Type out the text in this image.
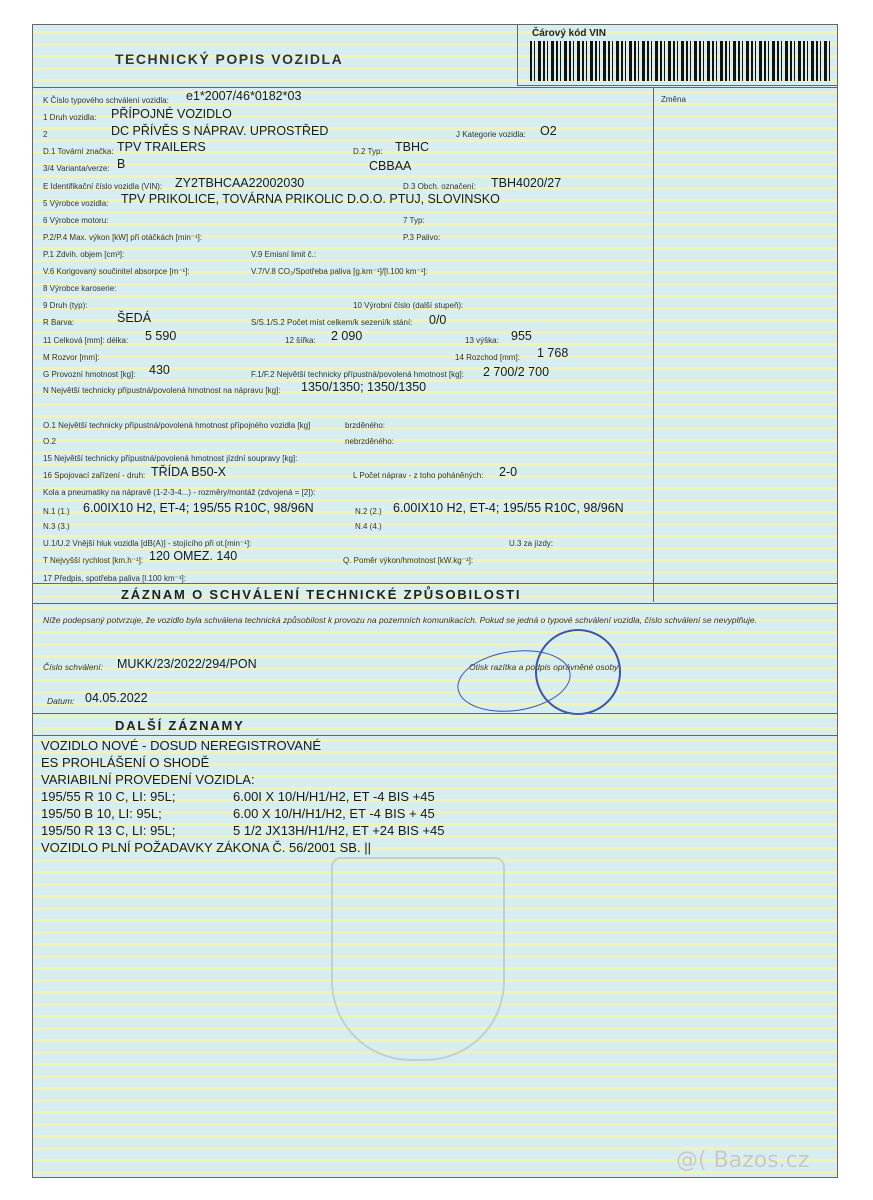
TECHNICKÝ POPIS VOZIDLA
Čárový kód VIN
Změna
K Číslo typového schválení vozidla: e1*2007/46*0182*03
1 Druh vozidla: PŘÍPOJNÉ VOZIDLO
2	DC PŘÍVĚS S NÁPRAV. UPROSTŘED	J Kategorie vozidla: O2
D.1 Tovární značka: TPV TRAILERS	D.2 Typ: TBHC
3/4 Varianta/verze: B	CBBAA
E Identifikační číslo vozidla (VIN): ZY2TBHCAA22002030	D.3 Obch. označení: TBH4020/27
5 Výrobce vozidla: TPV PRIKOLICE, TOVÁRNA PRIKOLIC D.O.O. PTUJ, SLOVINSKO
6 Výrobce motoru:	7 Typ:
P.2/P.4 Max. výkon [kW] při otáčkách [min⁻¹]:	P.3 Palivo:
P.1 Zdvih. objem [cm³]:	V.9 Emisní limit č.:
V.6 Korigovaný součinitel absorpce [m⁻¹]:	V.7/V.8 CO₂/Spotřeba paliva [g.km⁻¹]/[l.100 km⁻¹]:
8 Výrobce karoserie:
9 Druh (typ):	10 Výrobní číslo (další stupeň):
R Barva:	ŠEDÁ	S/S.1/S.2 Počet míst celkem/k sezení/k stání: 0/0
11 Celková [mm]: délka: 5 590	12 šířka: 2 090	13 výška: 955
M Rozvor [mm]:	14 Rozchod [mm]: 1 768
G Provozní hmotnost [kg]: 430	F.1/F.2 Největší technicky přípustná/povolená hmotnost [kg]: 2 700/2 700
N Největší technicky přípustná/povolená hmotnost na nápravu [kg]: 1350/1350; 1350/1350
O.1 Největší technicky přípustná/povolená hmotnost přípojného vozidla [kg]	brzděného:
O.2	nebrzděného:
15 Největší technicky přípustná/povolená hmotnost jízdní soupravy [kg]:
16 Spojovací zařízení - druh: TŘÍDA B50-X	L Počet náprav - z toho poháněných: 2-0
Kola a pneumatiky na nápravě (1-2-3-4...) - rozměry/montáž (zdvojená = [2]):
N.1 (1.) 6.00IX10 H2, ET-4; 195/55 R10C, 98/96N	N.2 (2.) 6.00IX10 H2, ET-4; 195/55 R10C, 98/96N
N.3 (3.)	N.4 (4.)
U.1/U.2 Vnější hluk vozidla [dB(A)] - stojícího při ot.[min⁻¹]:	U.3 za jízdy:
T Nejvyšší rychlost [km.h⁻¹]: 120 OMEZ. 140	Q. Poměr výkon/hmotnost [kW.kg⁻¹]:
17 Předpis, spotřeba paliva [l.100 km⁻¹]:
ZÁZNAM O SCHVÁLENÍ TECHNICKÉ ZPŮSOBILOSTI
Níže podepsaný potvrzuje, že vozidlo byla schválena technická způsobilost k provozu na pozemních komunikacích. Pokud se jedná o typové schválení vozidla, číslo schválení se nevyplňuje.
Číslo schválení: MUKK/23/2022/294/PON	Otisk razítka a podpis oprávněné osoby
Datum: 04.05.2022
DALŠÍ ZÁZNAMY
VOZIDLO NOVÉ - DOSUD NEREGISTROVANÉ
ES PROHLÁŠENÍ O SHODĚ
VARIABILNÍ PROVEDENÍ VOZIDLA:
195/55 R 10 C, LI: 95L;	6.00I X 10/H/H1/H2, ET -4 BIS +45
195/50 B 10, LI: 95L;	6.00 X 10/H/H1/H2, ET -4 BIS + 45
195/50 R 13 C, LI: 95L;	5 1/2 JX13H/H1/H2, ET +24 BIS +45
VOZIDLO PLNÍ POŽADAVKY ZÁKONA Č. 56/2001 SB. ||
@( Bazos.cz
